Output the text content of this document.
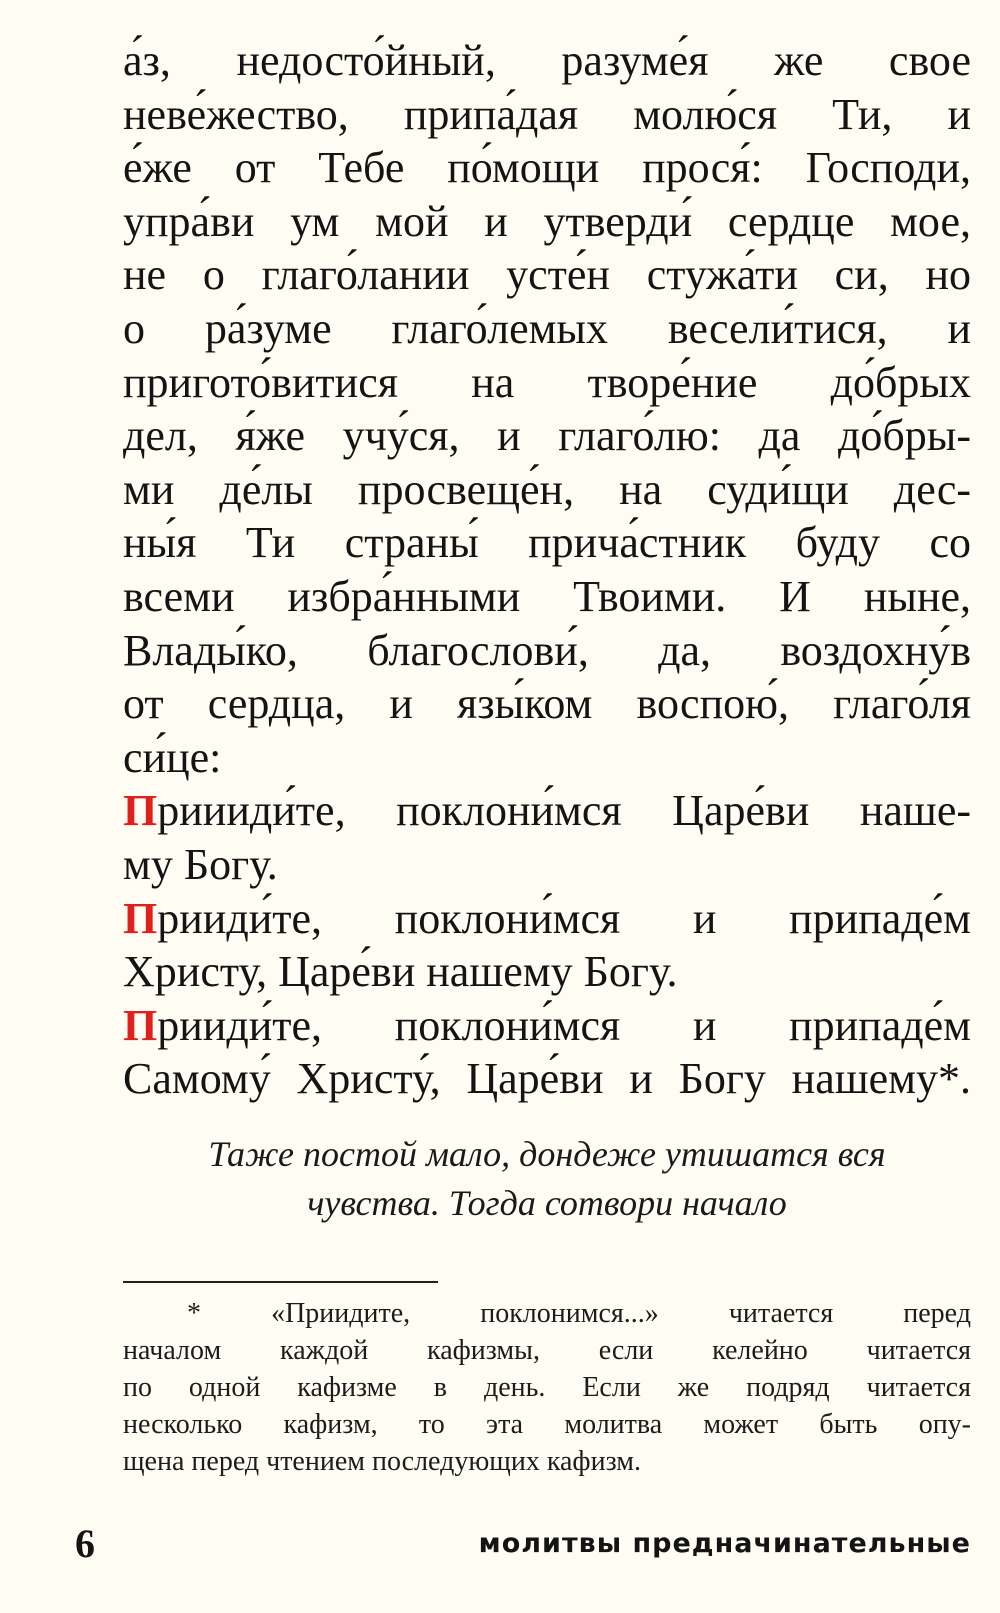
а́з, недосто́йный, разуме́я же свое
неве́жество, припа́дая молю́ся Ти, и
е́же от Тебе по́мощи прося́: Господи,
упра́ви ум мой и утверди́ сердце мое,
не о глаго́лании усте́н стужа́ти си, но
о ра́зуме глаго́лемых весели́тися, и
пригото́витися на творе́ние до́брых
дел, я́же учу́ся, и глаго́лю: да до́бры-
ми де́лы просвеще́н, на суди́щи дес-
ны́я Ти страны́ прича́стник буду со
всеми избра́нными Твоими. И ныне,
Влады́ко, благослови́, да, воздохну́в
от сердца, и язы́ком воспою́, глаго́ля
си́це:
Приииди́те, поклони́мся Царе́ви наше-
му Богу.
Прииди́те, поклони́мся и припаде́м
Христу, Царе́ви нашему Богу.
Прииди́те, поклони́мся и припаде́м
Самому́ Христу́, Царе́ви и Богу нашему*.
Таже постой мало, дондеже утишатся вся
чувства. Тогда сотвори начало
* «Приидите, поклонимся...» читается перед
началом каждой кафизмы, если келейно читается
по одной кафизме в день. Если же подряд читается
несколько кафизм, то эта молитва может быть опу-
щена перед чтением последующих кафизм.
6	молитвы предначинательные
